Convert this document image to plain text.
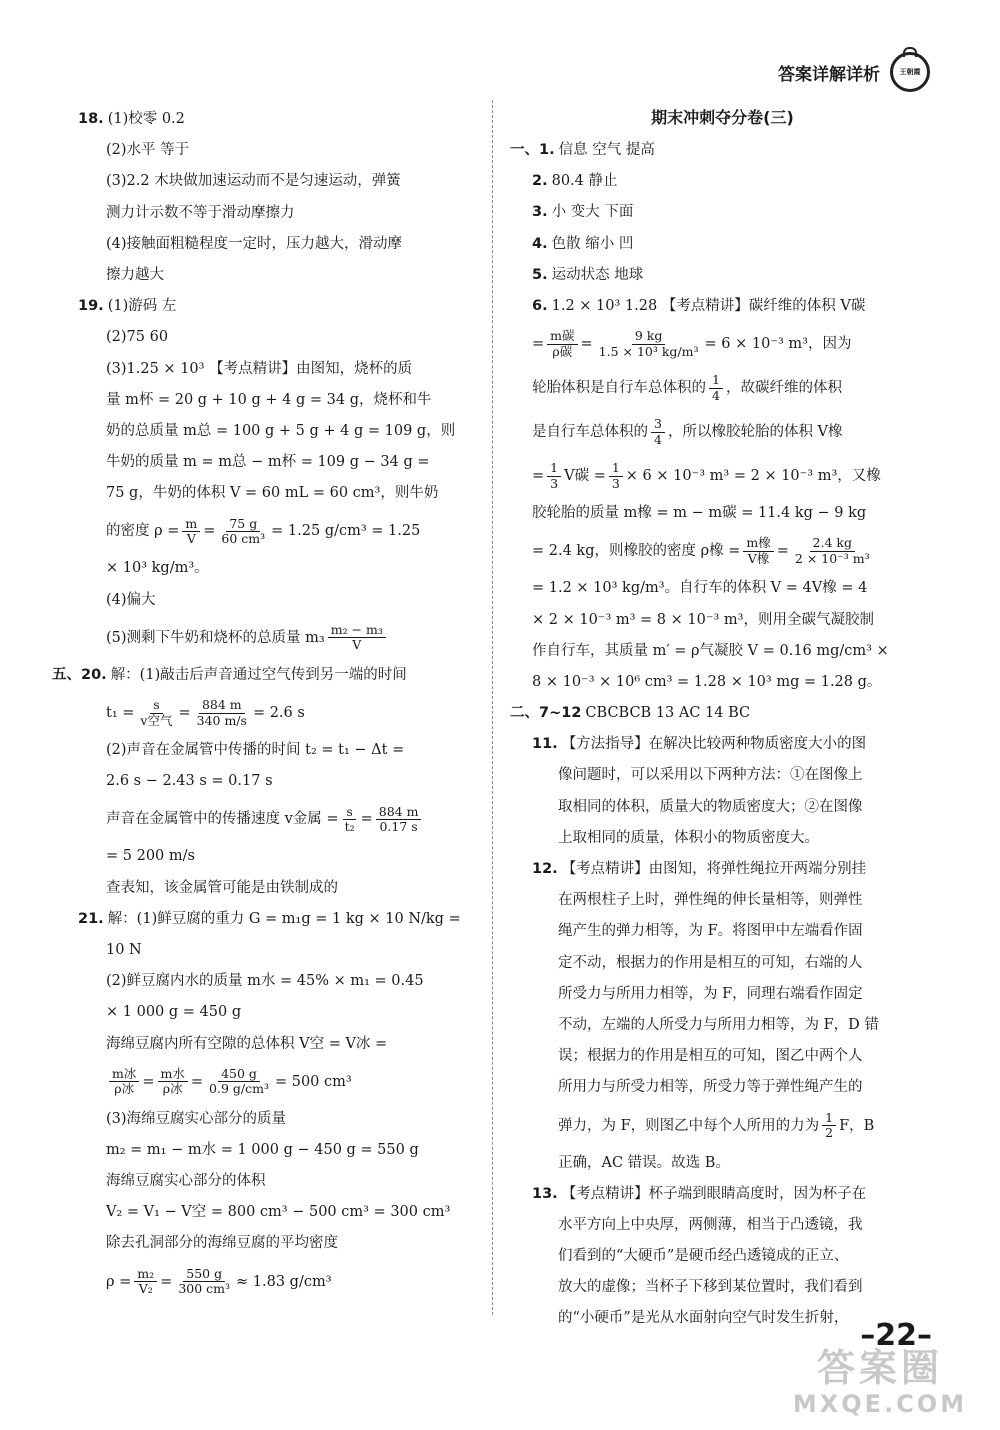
答案详解详析	王朝霞
18. (1)校零 0.2
(2)水平 等于
(3)2.2 木块做加速运动而不是匀速运动，弹簧
测力计示数不等于滑动摩擦力
(4)接触面粗糙程度一定时，压力越大，滑动摩
擦力越大
19. (1)游码 左
(2)75 60
(3)1.25 × 10³ 【考点精讲】由图知，烧杯的质
量 m杯 = 20 g + 10 g + 4 g = 34 g，烧杯和牛
奶的总质量 m总 = 100 g + 5 g + 4 g = 109 g，则
牛奶的质量 m = m总 − m杯 = 109 g − 34 g =
75 g，牛奶的体积 V = 60 mL = 60 cm³，则牛奶
的密度 $\rho = \frac{m}{V} = \frac{75 g}{\text{60 cm³}} = 1.25$ g/cm³ = 1.25
× 10³ kg/m³。
(4)偏大
(5)测剩下牛奶和烧杯的总质量 $m_3 \frac{\text{m₂ − m₃}}{V}$
五、20. 解：(1)敲击后声音通过空气传到另一端的时间
$t_1 = \frac{s}{\text{v空气}} = \frac{884 m}{340 m/s} = 2.6$ s
(2)声音在金属管中传播的时间 t₂ = t₁ − Δt =
2.6 s − 2.43 s = 0.17 s
声音在金属管中的传播速度 v金属 = $\frac{s}{\text{t₂}} = \frac{884 m}{0.17 s}$
= 5 200 m/s
查表知，该金属管可能是由铁制成的
21. 解：(1)鲜豆腐的重力 G = m₁g = 1 kg × 10 N/kg =
10 N
(2)鲜豆腐内水的质量 m水 = 45% × m₁ = 0.45
× 1 000 g = 450 g
海绵豆腐内所有空隙的总体积 V空 = V冰 =
$\frac{\text{m冰}}{\text{ρ冰}} = \frac{\text{m水}}{\text{ρ冰}} = \frac{450 g}{\text{0.9 g/cm³}} = 500$ cm³
(3)海绵豆腐实心部分的质量
m₂ = m₁ − m水 = 1 000 g − 450 g = 550 g
海绵豆腐实心部分的体积
V₂ = V₁ − V空 = 800 cm³ − 500 cm³ = 300 cm³
除去孔洞部分的海绵豆腐的平均密度
$\rho = \frac{\text{m₂}}{\text{V₂}} = \frac{550 g}{\text{300 cm³}} \approx 1.83$ g/cm³
期末冲刺夺分卷(三)
一、1. 信息 空气 提高
2. 80.4 静止
3. 小 变大 下面
4. 色散 缩小 凹
5. 运动状态 地球
6. 1.2 × 10³ 1.28 【考点精讲】碳纤维的体积 V碳
= $\frac{\text{m碳}}{\text{ρ碳}} = \frac{9 kg}{\text{1.5 × 10³ kg/m³}} = 6 \times 10^{-3}$ m³，因为
轮胎体积是自行车总体积的 $\frac{1}{4}$ ，故碳纤维的体积
是自行车总体积的 $\frac{3}{4}$ ，所以橡胶轮胎的体积 V橡
= $\frac{1}{3}$ V碳 = $\frac{1}{3} \times 6 \times 10^{-3}$ m³ = 2 × 10⁻³ m³，又橡
胶轮胎的质量 m橡 = m − m碳 = 11.4 kg − 9 kg
= 2.4 kg，则橡胶的密度 ρ橡 = $\frac{\text{m橡}}{\text{V橡}} = \frac{2.4 kg}{\text{2 × 10⁻³ m³}}$
= 1.2 × 10³ kg/m³。自行车的体积 V = 4V橡 = 4
× 2 × 10⁻³ m³ = 8 × 10⁻³ m³，则用全碳气凝胶制
作自行车，其质量 m′ = ρ气凝胶 V = 0.16 mg/cm³ ×
8 × 10⁻³ × 10⁶ cm³ = 1.28 × 10³ mg = 1.28 g。
二、7~12 CBCBCB 13 AC 14 BC
11. 【方法指导】在解决比较两种物质密度大小的图
像问题时，可以采用以下两种方法：①在图像上
取相同的体积，质量大的物质密度大；②在图像
上取相同的质量，体积小的物质密度大。
12. 【考点精讲】由图知，将弹性绳拉开两端分别挂
在两根柱子上时，弹性绳的伸长量相等，则弹性
绳产生的弹力相等，为 F。将图甲中左端看作固
定不动，根据力的作用是相互的可知，右端的人
所受力与所用力相等，为 F，同理右端看作固定
不动，左端的人所受力与所用力相等，为 F，D 错
误；根据力的作用是相互的可知，图乙中两个人
所用力与所受力相等，所受力等于弹性绳产生的
弹力，为 F，则图乙中每个人所用的力为 $\frac{1}{2}$ F，B
正确，AC 错误。故选 B。
13. 【考点精讲】杯子端到眼睛高度时，因为杯子在
水平方向上中央厚，两侧薄，相当于凸透镜，我
们看到的“大硬币”是硬币经凸透镜成的正立、
放大的虚像；当杯子下移到某位置时，我们看到
的“小硬币”是光从水面射向空气时发生折射， –22–
答案圈
MXQE.COM
